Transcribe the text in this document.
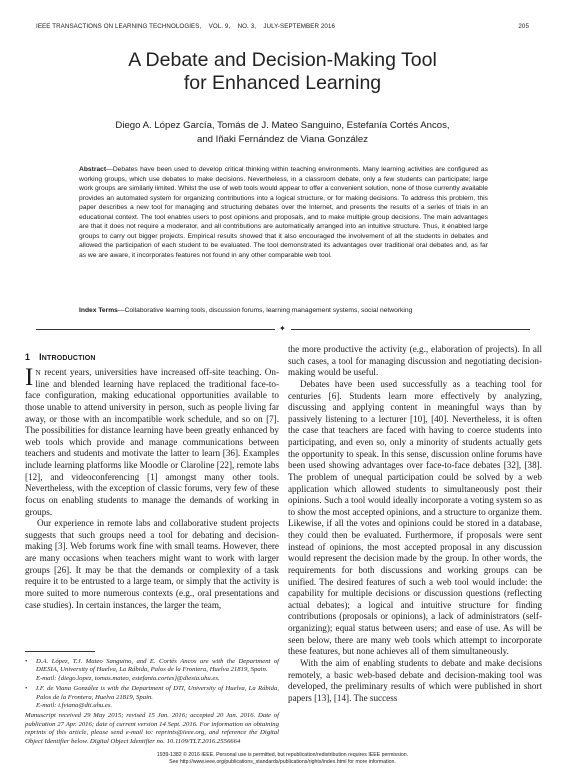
IEEE TRANSACTIONS ON LEARNING TECHNOLOGIES, VOL. 9, NO. 3, JULY-SEPTEMBER 2016	205
A Debate and Decision-Making Tool
for Enhanced Learning
Diego A. López García, Tomás de J. Mateo Sanguino, Estefanía Cortés Ancos,
and Iñaki Fernández de Viana González
Abstract—Debates have been used to develop critical thinking within teaching environments. Many learning activities are configured as working groups, which use debates to make decisions. Nevertheless, in a classroom debate, only a few students can participate; large work groups are similarly limited. Whilst the use of web tools would appear to offer a convenient solution, none of those currently available provides an automated system for organizing contributions into a logical structure, or for making decisions. To address this problem, this paper describes a new tool for managing and structuring debates over the Internet, and presents the results of a series of trials in an educational context. The tool enables users to post opinions and proposals, and to make multiple group decisions. The main advantages are that it does not require a moderator, and all contributions are automatically arranged into an intuitive structure. Thus, it enabled large groups to carry out bigger projects. Empirical results showed that it also encouraged the involvement of all the students in debates and allowed the participation of each student to be evaluated. The tool demonstrated its advantages over traditional oral debates and, as far as we are aware, it incorporates features not found in any other comparable web tool.
Index Terms—Collaborative learning tools, discussion forums, learning management systems, social networking
✦
1 INTRODUCTION

I N recent years, universities have increased off-site teaching. On-line and blended learning have replaced the traditional face-to-face configuration, making educational opportunities available to those unable to attend university in person, such as people living far away, or those with an incompatible work schedule, and so on [7]. The possibilities for distance learning have been greatly enhanced by web tools which provide and manage communications between teachers and students and motivate the latter to learn [36]. Examples include learning platforms like Moodle or Claroline [22], remote labs [12], and videoconferencing [1] amongst many other tools. Nevertheless, with the exception of classic forums, very few of these focus on enabling students to manage the demands of working in groups.

Our experience in remote labs and collaborative student projects suggests that such groups need a tool for debating and decision-making [3]. Web forums work fine with small teams. However, there are many occasions when teachers might want to work with larger groups [26]. It may be that the demands or complexity of a task require it to be entrusted to a large team, or simply that the activity is more suited to more numerous contexts (e.g., oral presentations and case studies). In certain instances, the larger the team,

the more productive the activity (e.g., elaboration of projects). In all such cases, a tool for managing discussion and negotiating decision-making would be useful.

Debates have been used successfully as a teaching tool for centuries [6]. Students learn more effectively by analyzing, discussing and applying content in meaningful ways than by passively listening to a lecturer [10], [40]. Nevertheless, it is often the case that teachers are faced with having to coerce students into participating, and even so, only a minority of students actually gets the opportunity to speak. In this sense, discussion online forums have been used showing advantages over face-to-face debates [32], [38]. The problem of unequal participation could be solved by a web application which allowed students to simultaneously post their opinions. Such a tool would ideally incorporate a voting system so as to show the most accepted opinions, and a structure to organize them. Likewise, if all the votes and opinions could be stored in a database, they could then be evaluated. Furthermore, if proposals were sent instead of opinions, the most accepted proposal in any discussion would represent the decision made by the group. In other words, the requirements for both discussions and working groups can be unified. The desired features of such a web tool would include: the capability for multiple decisions or discussion questions (reflecting actual debates); a logical and intuitive structure for finding contributions (proposals or opinions), a lack of administrators (self-organizing); equal status between users; and ease of use. As will be seen below, there are many web tools which attempt to incorporate these features, but none achieves all of them simultaneously.

With the aim of enabling students to debate and make decisions remotely, a basic web-based debate and decision-making tool was developed, the preliminary results of which were published in short papers [13], [14]. The success

• D.A. López, T.J. Mateo Sanguino, and E. Cortés Ancos are with the Department of DIESIA, University of Huelva, La Rábida, Palos de la Frontera, Huelva 21819, Spain.
E-mail: {diego.lopez, tomas.mateo, estefania.cortes}@diesia.uhu.es.
• I.F. de Viana González is with the Department of DTI, University of Huelva, La Rábida, Palos de la Frontera, Huelva 21819, Spain.
E-mail: i.fviana@dti.uhu.es.
Manuscript received 29 May 2015; revised 15 Jan. 2016; accepted 20 Jan. 2016. Date of publication 27 Apr. 2016; date of current version 14 Sept. 2016. For information on obtaining reprints of this article, please send e-mail to: reprints@ieee.org, and reference the Digital Object Identifier below. Digital Object Identifier no. 10.1109/TLT.2016.2556664
1939-1382 © 2016 IEEE. Personal use is permitted, but republication/redistribution requires IEEE permission.
See http://www.ieee.org/publications_standards/publications/rights/index.html for more information.
